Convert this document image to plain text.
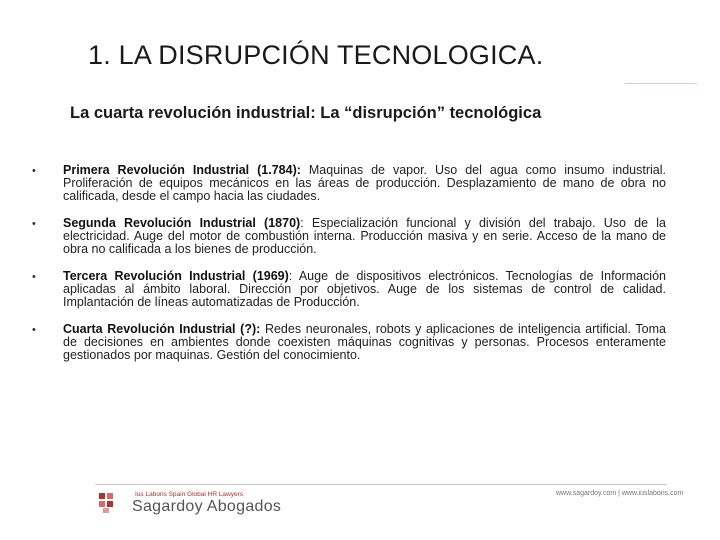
1. LA DISRUPCIÓN TECNOLOGICA.
La cuarta revolución industrial: La “disrupción” tecnológica
• Primera Revolución Industrial (1.784): Maquinas de vapor. Uso del agua como insumo industrial. Proliferación de equipos mecánicos en las áreas de producción. Desplazamiento de mano de obra no calificada, desde el campo hacia las ciudades.
• Segunda Revolución Industrial (1870): Especialización funcional y división del trabajo. Uso de la electricidad. Auge del motor de combustión interna. Producción masiva y en serie. Acceso de la mano de obra no calificada a los bienes de producción.
• Tercera Revolución Industrial (1969): Auge de dispositivos electrónicos. Tecnologías de Información aplicadas al ámbito laboral. Dirección por objetivos. Auge de los sistemas de control de calidad. Implantación de líneas automatizadas de Producción.
• Cuarta Revolución Industrial (?): Redes neuronales, robots y aplicaciones de inteligencia artificial. Toma de decisiones en ambientes donde coexisten máquinas cognitivas y personas. Procesos enteramente gestionados por maquinas. Gestión del conocimiento.
Ius Laboris Spain Global HR Lawyers
Sagardoy Abogados
www.sagardoy.com | www.iuslaboris.com
